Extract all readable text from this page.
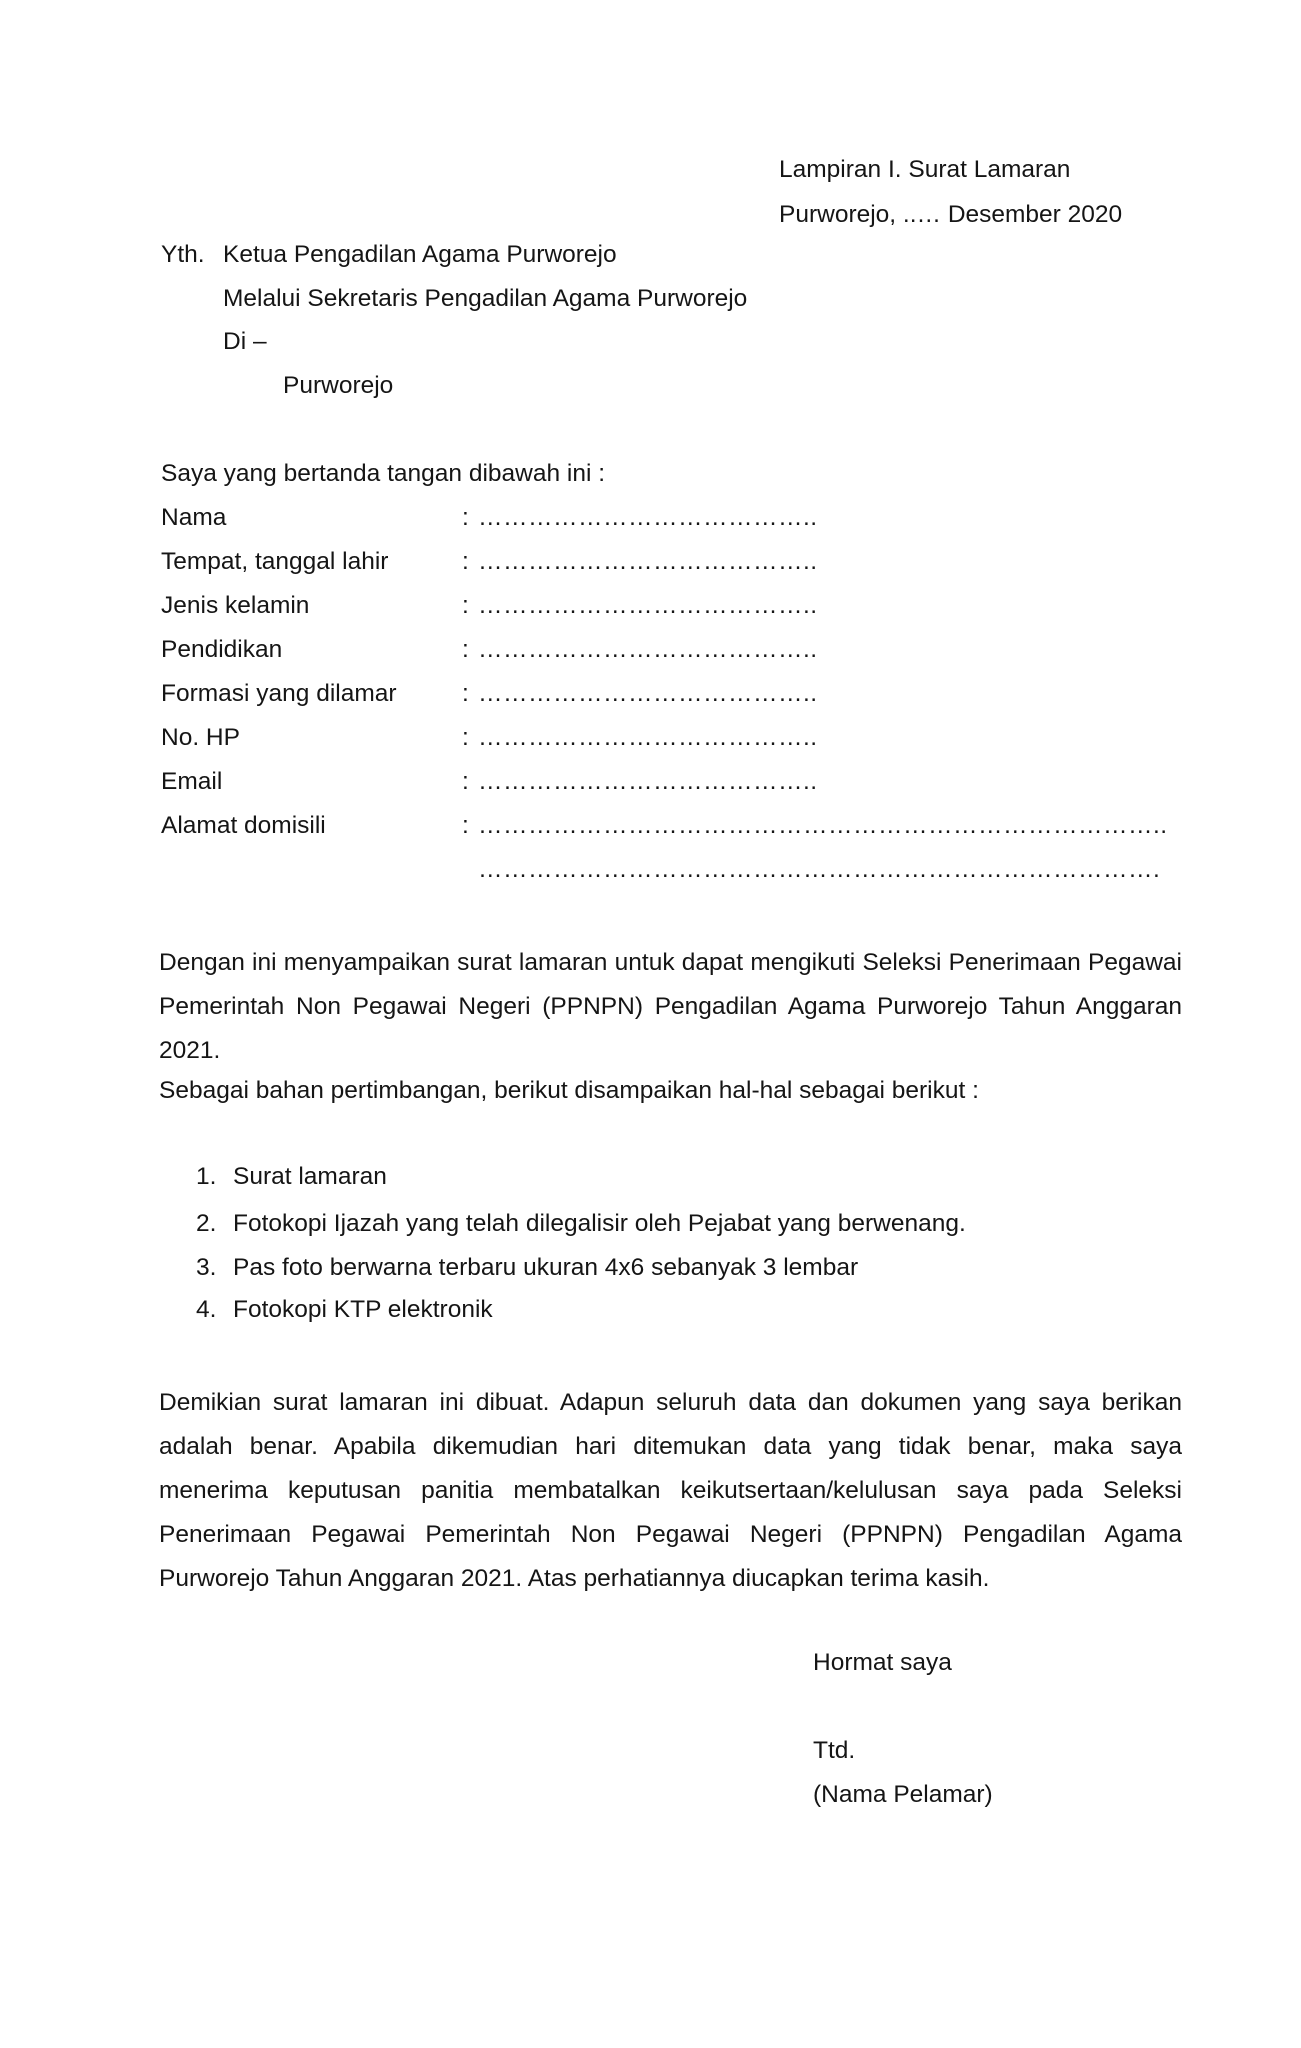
Lampiran I. Surat Lamaran
Purworejo, ..… Desember 2020
Yth. Ketua Pengadilan Agama Purworejo
Melalui Sekretaris Pengadilan Agama Purworejo
Di –
Purworejo
Saya yang bertanda tangan dibawah ini :
Nama	: …………………………………..
Tempat, tanggal lahir	: …………………………………..
Jenis kelamin	: …………………………………..
Pendidikan	: …………………………………..
Formasi yang dilamar	: …………………………………..
No. HP	: …………………………………..
Email	: …………………………………..
Alamat domisili	: ………………………………………………………………………..
……………………………………………………………………….
Dengan ini menyampaikan surat lamaran untuk dapat mengikuti Seleksi Penerimaan Pegawai Pemerintah Non Pegawai Negeri (PPNPN) Pengadilan Agama Purworejo Tahun Anggaran 2021.
Sebagai bahan pertimbangan, berikut disampaikan hal-hal sebagai berikut :
1. Surat lamaran
2. Fotokopi Ijazah yang telah dilegalisir oleh Pejabat yang berwenang.
3. Pas foto berwarna terbaru ukuran 4x6 sebanyak 3 lembar
4. Fotokopi KTP elektronik
Demikian surat lamaran ini dibuat. Adapun seluruh data dan dokumen yang saya berikan adalah benar. Apabila dikemudian hari ditemukan data yang tidak benar, maka saya menerima keputusan panitia membatalkan keikutsertaan/kelulusan saya pada Seleksi Penerimaan Pegawai Pemerintah Non Pegawai Negeri (PPNPN) Pengadilan Agama Purworejo Tahun Anggaran 2021. Atas perhatiannya diucapkan terima kasih.
Hormat saya
Ttd.
(Nama Pelamar)
